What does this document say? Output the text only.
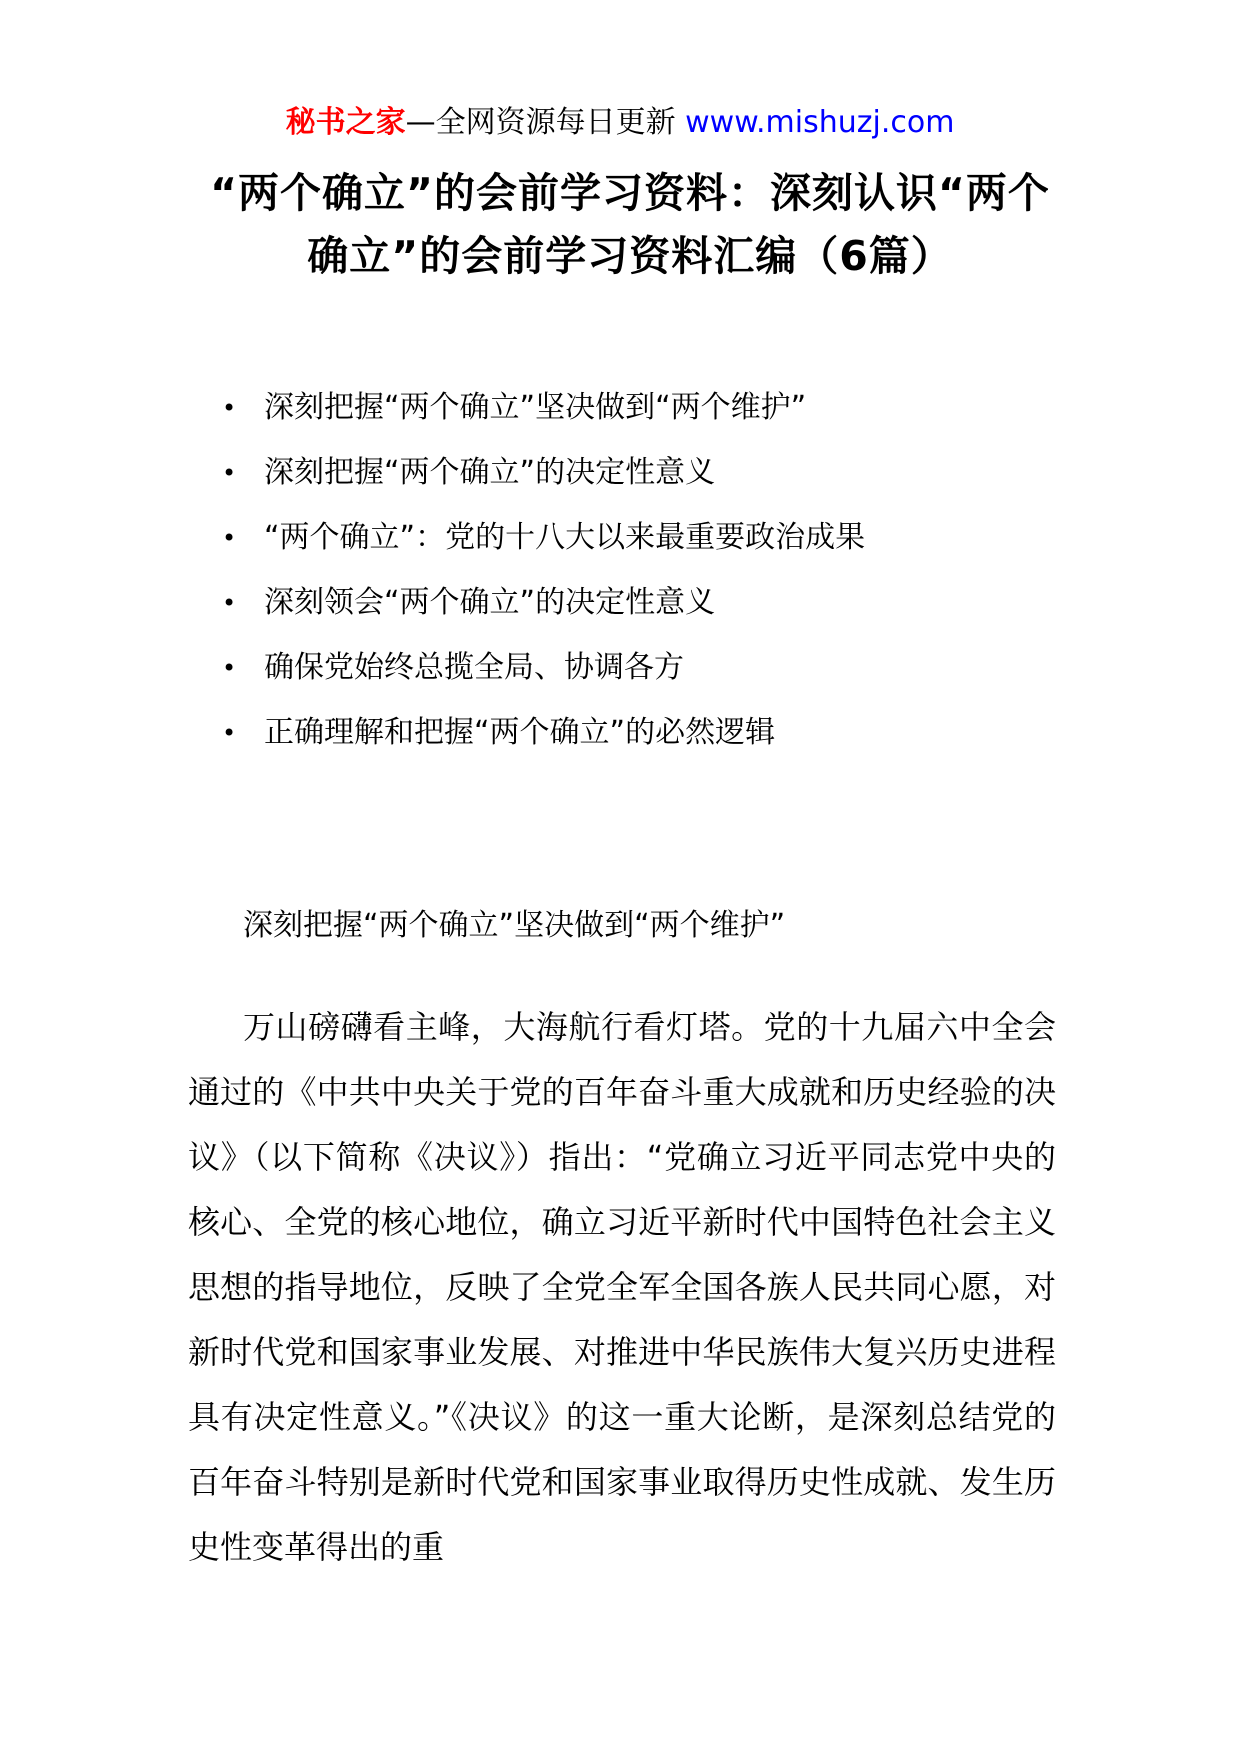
秘书之家—全网资源每日更新 www.mishuzj.com
“两个确立”的会前学习资料：深刻认识“两个确立”的会前学习资料汇编（6篇）
• 深刻把握“两个确立”坚决做到“两个维护”
• 深刻把握“两个确立”的决定性意义
• “两个确立”：党的十八大以来最重要政治成果
• 深刻领会“两个确立”的决定性意义
• 确保党始终总揽全局、协调各方
• 正确理解和把握“两个确立”的必然逻辑
深刻把握“两个确立”坚决做到“两个维护”

万山磅礴看主峰，大海航行看灯塔。党的十九届六中全会通过的《中共中央关于党的百年奋斗重大成就和历史经验的决议》（以下简称《决议》）指出：“党确立习近平同志党中央的核心、全党的核心地位，确立习近平新时代中国特色社会主义思想的指导地位，反映了全党全军全国各族人民共同心愿，对新时代党和国家事业发展、对推进中华民族伟大复兴历史进程具有决定性意义。”《决议》的这一重大论断，是深刻总结党的百年奋斗特别是新时代党和国家事业取得历史性成就、发生历史性变革得出的重
